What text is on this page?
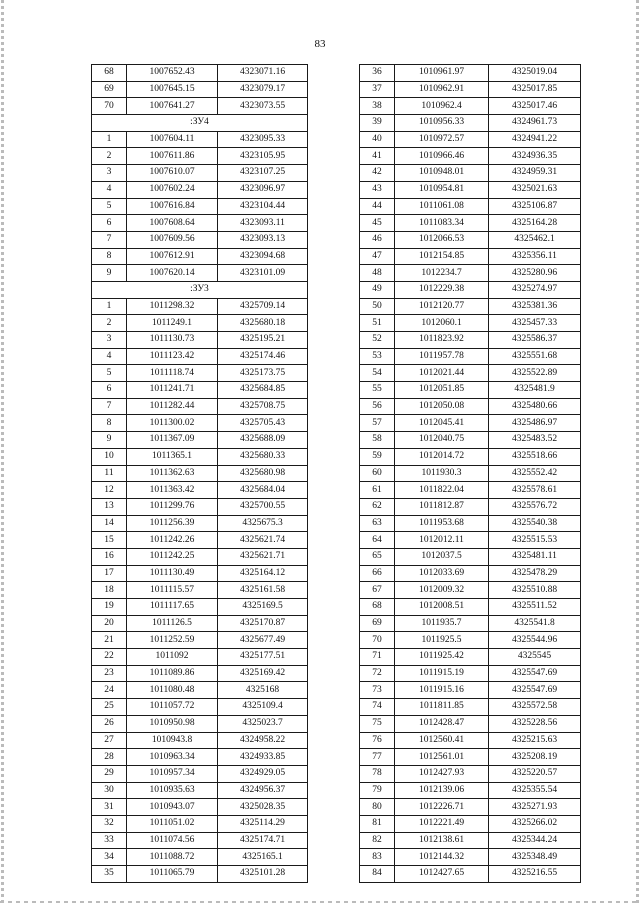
83
68	1007652.43	4323071.16
69	1007645.15	4323079.17
70	1007641.27	4323073.55
:ЗУ4		
1	1007604.11	4323095.33
2	1007611.86	4323105.95
3	1007610.07	4323107.25
4	1007602.24	4323096.97
5	1007616.84	4323104.44
6	1007608.64	4323093.11
7	1007609.56	4323093.13
8	1007612.91	4323094.68
9	1007620.14	4323101.09
:ЗУ3		
1	1011298.32	4325709.14
2	1011249.1	4325680.18
3	1011130.73	4325195.21
4	1011123.42	4325174.46
5	1011118.74	4325173.75
6	1011241.71	4325684.85
7	1011282.44	4325708.75
8	1011300.02	4325705.43
9	1011367.09	4325688.09
10	1011365.1	4325680.33
11	1011362.63	4325680.98
12	1011363.42	4325684.04
13	1011299.76	4325700.55
14	1011256.39	4325675.3
15	1011242.26	4325621.74
16	1011242.25	4325621.71
17	1011130.49	4325164.12
18	1011115.57	4325161.58
19	1011117.65	4325169.5
20	1011126.5	4325170.87
21	1011252.59	4325677.49
22	1011092	4325177.51
23	1011089.86	4325169.42
24	1011080.48	4325168
25	1011057.72	4325109.4
26	1010950.98	4325023.7
27	1010943.8	4324958.22
28	1010963.34	4324933.85
29	1010957.34	4324929.05
30	1010935.63	4324956.37
31	1010943.07	4325028.35
32	1011051.02	4325114.29
33	1011074.56	4325174.71
34	1011088.72	4325165.1
35	1011065.79	4325101.28
36	1010961.97	4325019.04
37	1010962.91	4325017.85
38	1010962.4	4325017.46
39	1010956.33	4324961.73
40	1010972.57	4324941.22
41	1010966.46	4324936.35
42	1010948.01	4324959.31
43	1010954.81	4325021.63
44	1011061.08	4325106.87
45	1011083.34	4325164.28
46	1012066.53	4325462.1
47	1012154.85	4325356.11
48	1012234.7	4325280.96
49	1012229.38	4325274.97
50	1012120.77	4325381.36
51	1012060.1	4325457.33
52	1011823.92	4325586.37
53	1011957.78	4325551.68
54	1012021.44	4325522.89
55	1012051.85	4325481.9
56	1012050.08	4325480.66
57	1012045.41	4325486.97
58	1012040.75	4325483.52
59	1012014.72	4325518.66
60	1011930.3	4325552.42
61	1011822.04	4325578.61
62	1011812.87	4325576.72
63	1011953.68	4325540.38
64	1012012.11	4325515.53
65	1012037.5	4325481.11
66	1012033.69	4325478.29
67	1012009.32	4325510.88
68	1012008.51	4325511.52
69	1011935.7	4325541.8
70	1011925.5	4325544.96
71	1011925.42	4325545
72	1011915.19	4325547.69
73	1011915.16	4325547.69
74	1011811.85	4325572.58
75	1012428.47	4325228.56
76	1012560.41	4325215.63
77	1012561.01	4325208.19
78	1012427.93	4325220.57
79	1012139.06	4325355.54
80	1012226.71	4325271.93
81	1012221.49	4325266.02
82	1012138.61	4325344.24
83	1012144.32	4325348.49
84	1012427.65	4325216.55
